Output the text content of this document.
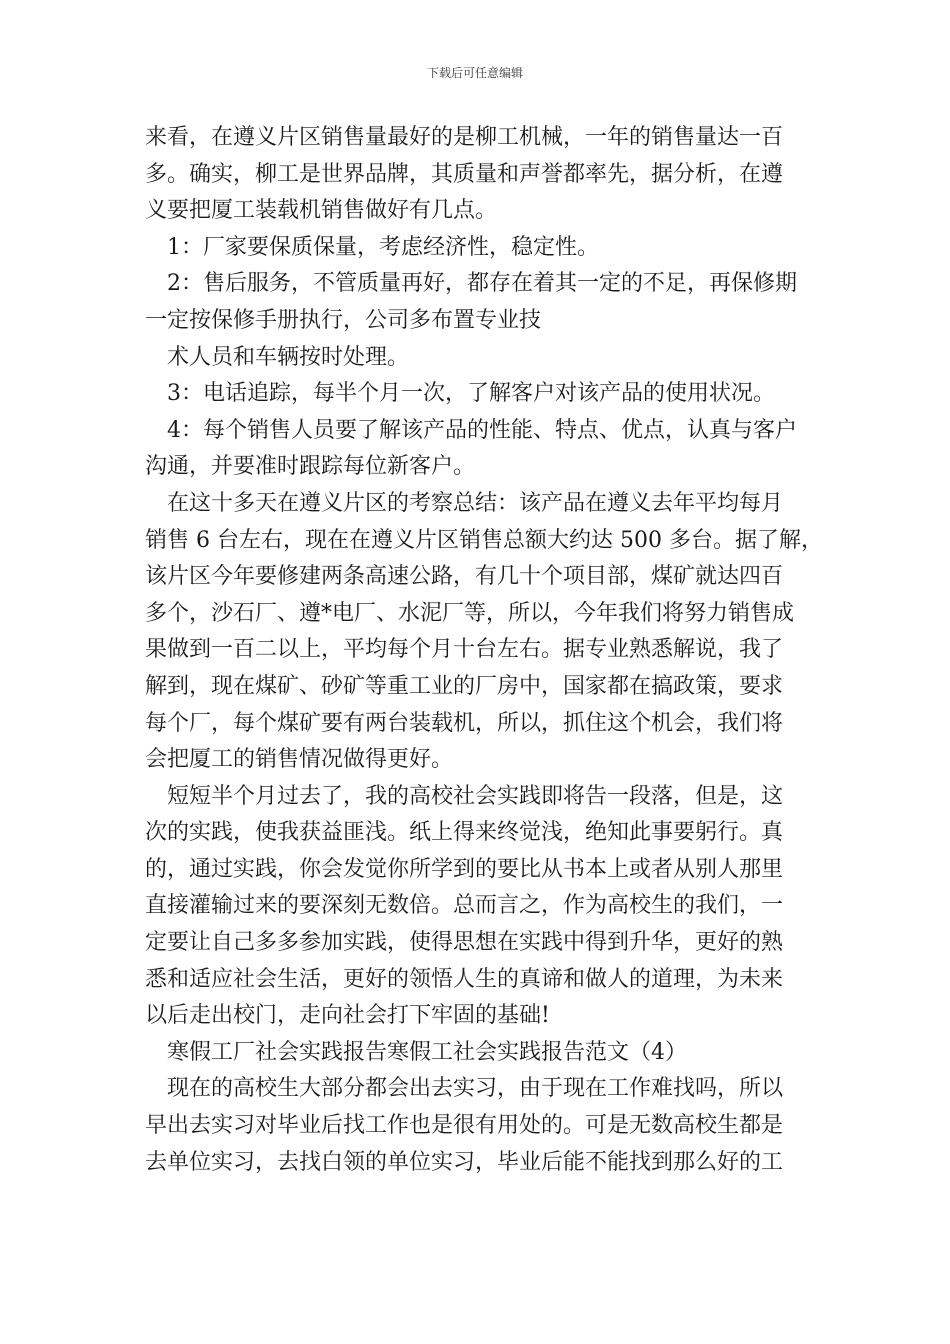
下载后可任意编辑
来看，在遵义片区销售量最好的是柳工机械，一年的销售量达一百
多。确实，柳工是世界品牌，其质量和声誉都率先，据分析，在遵
义要把厦工装载机销售做好有几点。
1：厂家要保质保量，考虑经济性，稳定性。
2：售后服务，不管质量再好，都存在着其一定的不足，再保修期
一定按保修手册执行，公司多布置专业技
术人员和车辆按时处理。
3：电话追踪，每半个月一次，了解客户对该产品的使用状况。
4：每个销售人员要了解该产品的性能、特点、优点，认真与客户
沟通，并要准时跟踪每位新客户。
在这十多天在遵义片区的考察总结：该产品在遵义去年平均每月
销售 6 台左右，现在在遵义片区销售总额大约达 500 多台。据了解，
该片区今年要修建两条高速公路，有几十个项目部，煤矿就达四百
多个，沙石厂、遵*电厂、水泥厂等，所以，今年我们将努力销售成
果做到一百二以上，平均每个月十台左右。据专业熟悉解说，我了
解到，现在煤矿、砂矿等重工业的厂房中，国家都在搞政策，要求
每个厂，每个煤矿要有两台装载机，所以，抓住这个机会，我们将
会把厦工的销售情况做得更好。
短短半个月过去了，我的高校社会实践即将告一段落，但是，这
次的实践，使我获益匪浅。纸上得来终觉浅，绝知此事要躬行。真
的，通过实践，你会发觉你所学到的要比从书本上或者从别人那里
直接灌输过来的要深刻无数倍。总而言之，作为高校生的我们，一
定要让自己多多参加实践，使得思想在实践中得到升华，更好的熟
悉和适应社会生活，更好的领悟人生的真谛和做人的道理，为未来
以后走出校门，走向社会打下牢固的基础!
寒假工厂社会实践报告寒假工社会实践报告范文（4）
现在的高校生大部分都会出去实习，由于现在工作难找吗，所以
早出去实习对毕业后找工作也是很有用处的。可是无数高校生都是
去单位实习，去找白领的单位实习，毕业后能不能找到那么好的工
